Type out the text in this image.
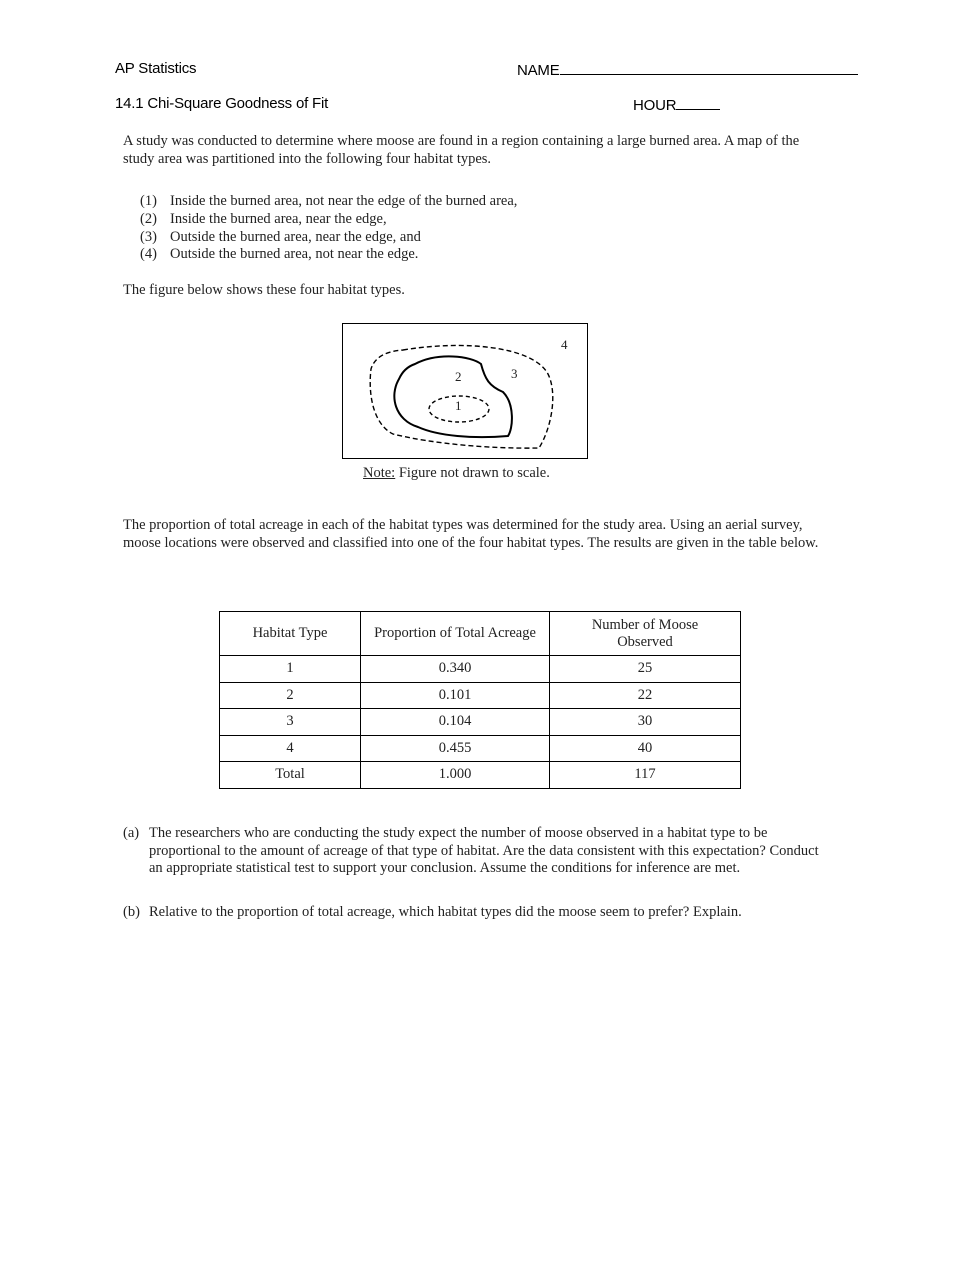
AP Statistics	NAME
14.1 Chi-Square Goodness of Fit	HOUR
A study was conducted to determine where moose are found in a region containing a large burned area. A map of the study area was partitioned into the following four habitat types.
(1) Inside the burned area, not near the edge of the burned area,
(2) Inside the burned area, near the edge,
(3) Outside the burned area, near the edge, and
(4) Outside the burned area, not near the edge.
The figure below shows these four habitat types.
1
2	3
4
Note: Figure not drawn to scale.
The proportion of total acreage in each of the habitat types was determined for the study area. Using an aerial survey, moose locations were observed and classified into one of the four habitat types. The results are given in the table below.
Habitat Type	Proportion of Total Acreage	Number of Moose Observed
1	0.340	25
2	0.101	22
3	0.104	30
4	0.455	40
Total	1.000	117
(a) The researchers who are conducting the study expect the number of moose observed in a habitat type to be proportional to the amount of acreage of that type of habitat. Are the data consistent with this expectation? Conduct an appropriate statistical test to support your conclusion. Assume the conditions for inference are met.
(b) Relative to the proportion of total acreage, which habitat types did the moose seem to prefer? Explain.
